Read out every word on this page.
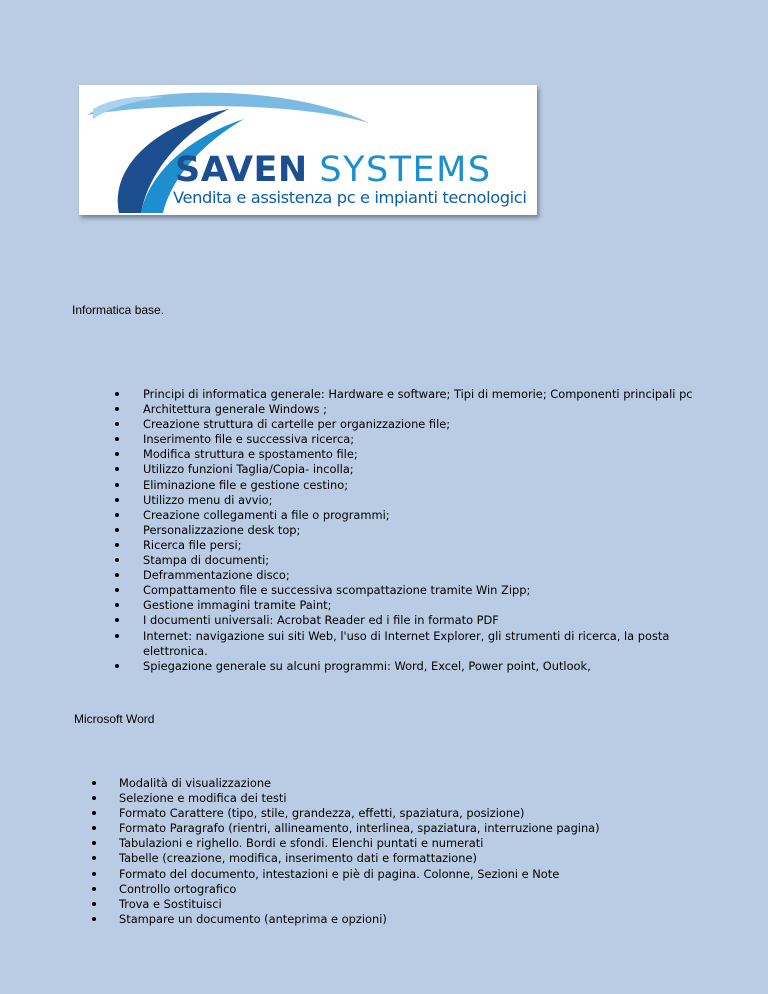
SAVEN SYSTEMS
Vendita e assistenza pc e impianti tecnologici
Informatica base.
Principi di informatica generale: Hardware e software; Tipi di memorie; Componenti principali pc
Architettura generale Windows ;
Creazione struttura di cartelle per organizzazione file;
Inserimento file e successiva ricerca;
Modifica struttura e spostamento file;
Utilizzo funzioni Taglia/Copia- incolla;
Eliminazione file e gestione cestino;
Utilizzo menu di avvio;
Creazione collegamenti a file o programmi;
Personalizzazione desk top;
Ricerca file persi;
Stampa di documenti;
Deframmentazione disco;
Compattamento file e successiva scompattazione tramite Win Zipp;
Gestione immagini tramite Paint;
I documenti universali: Acrobat Reader ed i file in formato PDF
Internet: navigazione sui siti Web, l'uso di Internet Explorer, gli strumenti di ricerca, la posta elettronica.
Spiegazione generale su alcuni programmi: Word, Excel, Power point, Outlook,
Microsoft Word
Modalità di visualizzazione
Selezione e modifica dei testi
Formato Carattere (tipo, stile, grandezza, effetti, spaziatura, posizione)
Formato Paragrafo (rientri, allineamento, interlinea, spaziatura, interruzione pagina)
Tabulazioni e righello. Bordi e sfondi. Elenchi puntati e numerati
Tabelle (creazione, modifica, inserimento dati e formattazione)
Formato del documento, intestazioni e piè di pagina. Colonne, Sezioni e Note
Controllo ortografico
Trova e Sostituisci
Stampare un documento (anteprima e opzioni)
